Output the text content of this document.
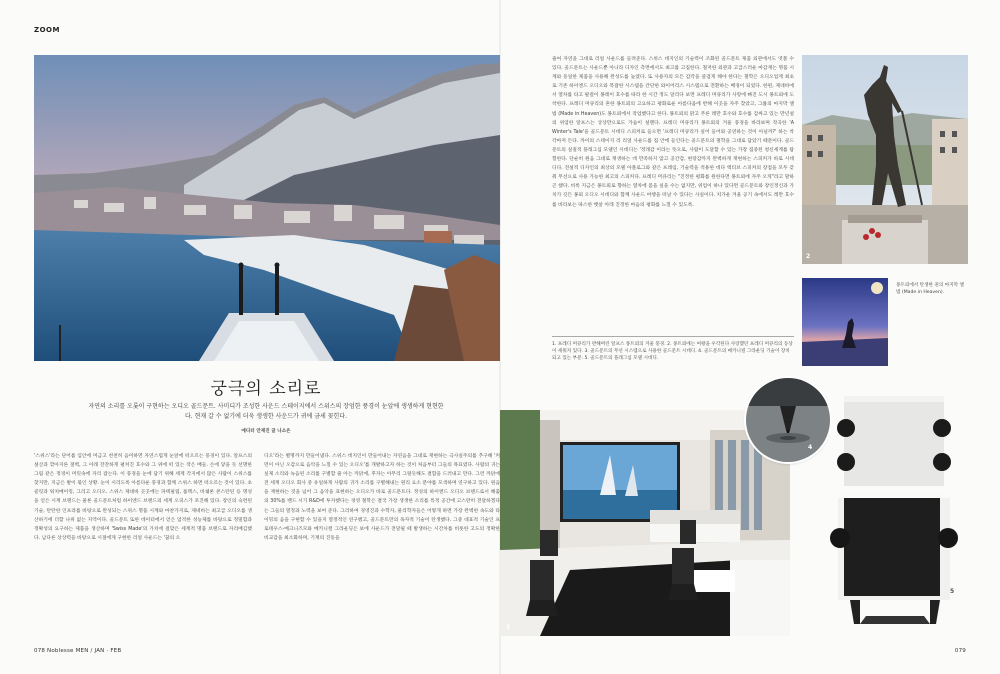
ZOOM
궁극의 소리로
자연의 소리를 오롯이 구현하는 오디오 골드문트. 사미디가 조성한 사운드 스테이지에서 스위스의 장엄한 풍경이 눈앞에 생생하게 현현한다. 현재 갈 수 없기에 더욱 생생한 사운드가 귀에 금세 꽂힌다.
에디터 안재진 글 나소은

'스위스'라는 단어를 입안에 머금고 천천히 음미하면 자연스럽게 눈앞에 떠오르는 풍경이 있다. 알프스의 설산과 깎아지른 절벽, 그 아래 잔잔하게 펼쳐진 호수와 그 위에 떠 있는 작은 배들. 손에 닿을 듯 선명한 그림 같은 정경이 머릿속에 자리 잡는다. 이 풍경을 눈에 담기 위해 세계 각지에서 많은 사람이 스위스를 찾지만, 지금은 발이 묶인 상황. 눈이 시리도록 아름다운 풍경과 함께 스위스 하면 떠오르는 것이 있다. 초콜릿과 워치메이킹, 그리고 오디오. 스위스 제네바 곳곳에는 파텍필립, 롤렉스, 바쉐론 콘스탄틴 등 명성을 얻은 시계 브랜드는 물론 골드문트처럼 하이엔드 브랜드의 세계 오피스가 포진해 있다. 장인의 숙련된 기술, 탄탄한 인프라를 바탕으로 완성되는 스위스 명품 시계와 마찬가지로, 제네바는 최고급 오디오를 생산하기에 더할 나위 없는 지역이다. 골드문트 또한 데이터에서 얻은 엄격한 성능제를 바탕으로 정밀함과 정확성의 요구하는 제품을 생산하며 'Swiss Made'의 가치에 걸맞은 세계적 명품 브랜드로 자리매김했다. 남다른 상상력을 바탕으로 시절에게 구현한 리얼 사운드는 '꿈의 오

디오'라는 별명까지 만들어냈다. 스위스 데지인이 만들어내는 자연음을 그대로 재현하는 극사실주의를 추구해 '커먼이 아닌 오감으로 음악을 느낄 수 있는 오디오'를 개발하고자 하는 것이 처음부터 그들의 목표였다. 사람의 귀는 실제 소리와 녹음된 소리를 구별할 줄 아는 까닭에, 후자는 아무리 그럴듯해도 결함을 드러내고 만다. 그런 까닭에 전 세계 오디오 회사 중 유일하게 사람의 귀가 소리를 구별해내는 원리 요소 분야를 모색하며 연구하고 있다. 원음을 재현하는 것을 넘어 그 음악을 표현하는 오디오가 바로 골드문트다. 정성의 하이엔드 오디오 브랜드로서 해출의 30%를 밴드 시기 R&D에 투자했다는 경영 철학은 결국 가장 생생한 소리를 특정 공간에 고스란히 전달하겠다는 그들의 열정과 노력을 보여 준다. 그리하여 경영진과 수학자, 물리학자들은 어떻게 하면 가장 완벽한 속도와 타이밍의 음을 구현할 수 있을지 열정적인 연구했고, 골드문트만의 독자적 기술이 탄생했다. 그중 대표적 기술인 프로테우스-메크니즈모와 메카니컬 그라운딩은 보에 사운드가 전달될 때 발생하는 시간차를 비롯한 고도의 정확한 비교감을 최소화하며, 기계의 진동을

줄여 자연을 그대로 리얼 사운드를 들려준다. 스위스 데지인의 기술력이 조화된 골드문트 제품 외관에서도 엿볼 수 있다. 골드문트는 사운드뿐 아니라 디자인 측면에서도 최고를 고집한다. 철저한 외관과 고급스러운 마감재는 명품 시계와 동일한 제품을 사용해 완성도를 높였다. 또 사용자의 모든 감각을 즐겁게 해야 한다는 철학은 오디오업계 최초로 기존 하이엔드 오디오와 복잡한 시스템을 간단한 와이어리스 시스템으로 전환하는 배경이 되었다. 한편, 제네바에서 열차를 타고 팔걸이 몽레이 호수를 따라 한 시간 정도 달리다 보면 프레디 머큐리가 사랑에 빠진 도시 몽트뢰에 도착한다. 프레디 머큐리의 흔한 몽트뢰의 고요하고 평화로운 아름다움에 반해 이곳을 자주 찾았고, 그룹의 마지막 앨범 (Made in Heaven)도 몽트뢰에서 작업했다고 한다. 몽트뢰의 맑고 푸른 레만 호수와 호수를 감싸고 있는 만년설의 위엄한 알프스는 상상만으로도 가슴이 설렌다. 프레디 머큐리가 몽트뢰의 겨울 풍경을 바라보며 작곡한 'A Winter's Tale'을 골드문트 시데디 스피커로 들으면 '프레디 머큐리가 실어 들어와 공연하는 것이 아닐까?' 하는 착각마저 든다. 까이의 스테이지 리 리얼 사운드를 집 안에 들인다는 골드문트의 철학을 그대로 담았기 때문이다. 골드문트의 실질적 플래그십 모델인 시데디는 '정래감 이라는 뜻으로, 사람이 도달할 수 있는 가장 집중된 청신세계를 탐험한다. 단순히 원음 그대로 재생하는 데 만족하지 않고 공간감, 현장감까지 완벽하게 재현하는 스피커가 바로 시데디다. 전설적 디자인의 최상의 모델 아폴로그와 같은 프레임, 기술력을 적용한 데다 액티브 스피커의 장점을 모두 갖춰 무선으로 사용 가능한 최고의 스피커다. 프레디 머큐리는 "진정한 평화를 원한다면 몽트뢰에 자주 오게"라고 말하곤 했다. 비록 지금은 몽트뢰로 향하는 열차에 몸을 실을 수는 없지만, 위엄이 하나 있다면 골드문트와 장인정신과 가치가 깃든 몽뢰 오디오 시데디와 함께 사운드 여행을 떠날 수 있다는 사실이다. 치가운 겨울 공기 속에서도 레만 호수를 바라보는 따스한 햇살 아래 진정한 마음의 평화를 느낄 수 있도록.

1. 프레디 머큐리가 반해버린 알프스 몽트뢰의 겨울 풍경. 2. 몽트뢰에는 여왕을 우각된다 사랑했던 프레디 머큐리의 동상이 세워져 있다. 3. 골드문트의 무선 시스템으로 사용한 골드문트 시데디. 4. 골드문트의 메카니컬 그라운딩 기술이 장치되고 있는 부분. 5. 골드문트의 플래그십 모델 시데디.
2
몽트뢰에서 탄생한 퀸의 마지막 앨범 (Made in Heaven).
3
4
5
078 Noblesse MEN / JAN · FEB	079
